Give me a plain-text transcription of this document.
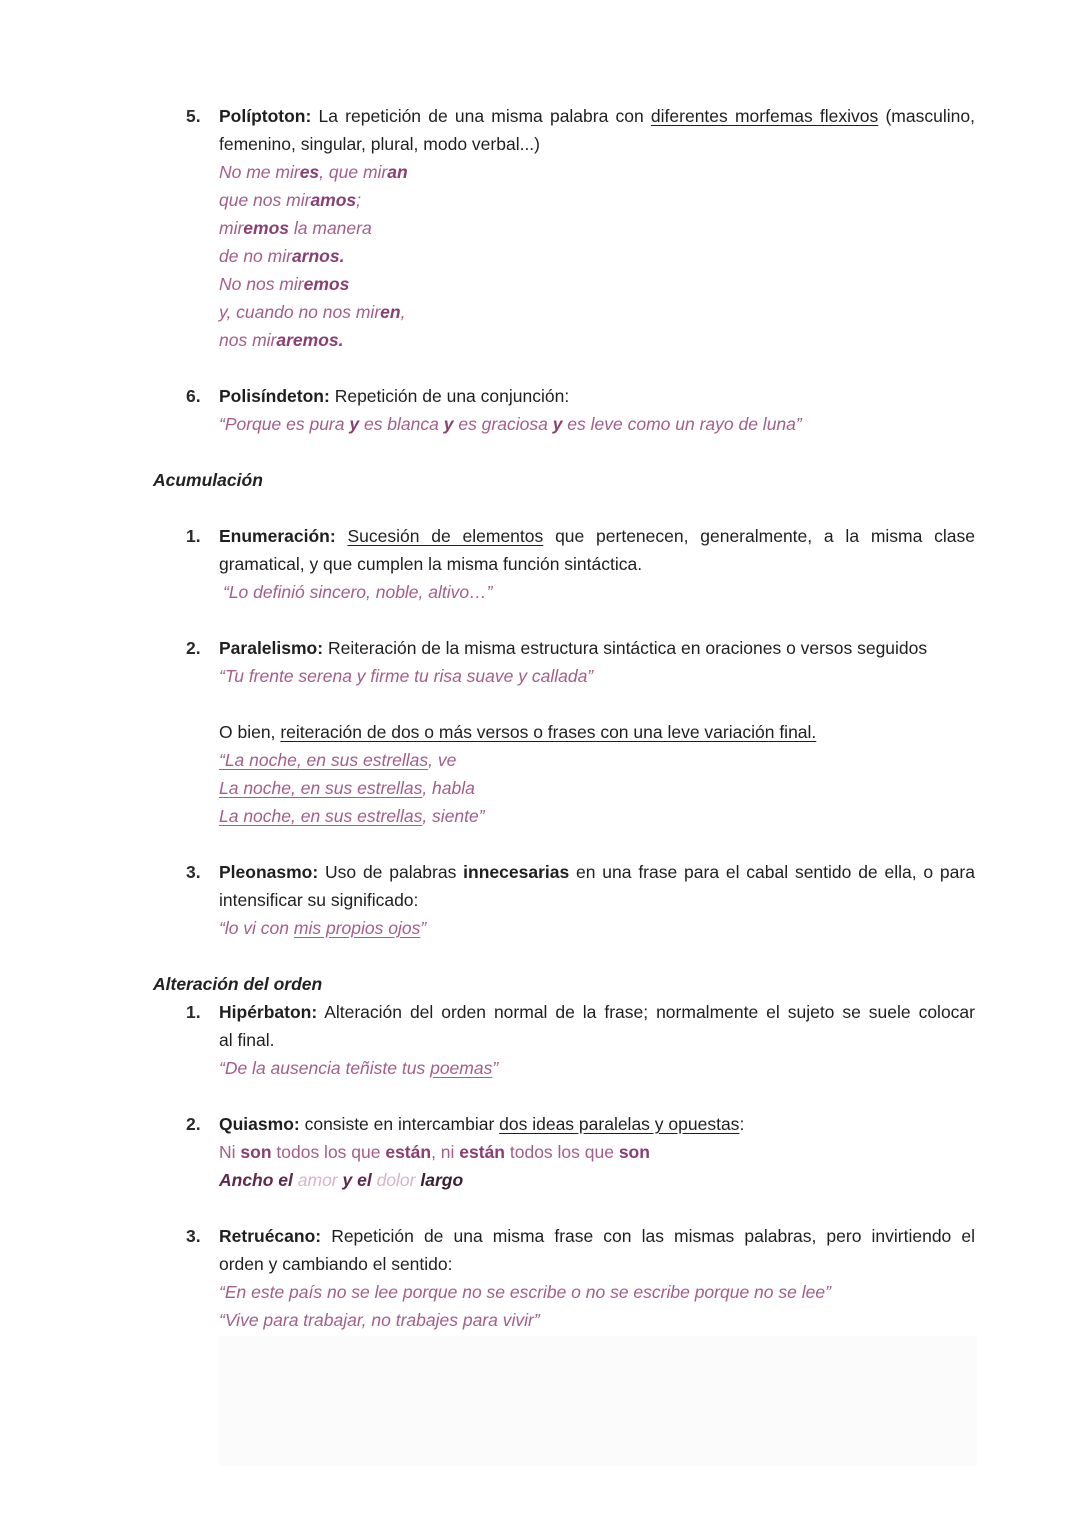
5. Políptoton: La repetición de una misma palabra con diferentes morfemas flexivos (masculino,
femenino, singular, plural, modo verbal...)
No me mires, que miran
que nos miramos;
miremos la manera
de no mirarnos.
No nos miremos
y, cuando no nos miren,
nos miraremos.
6.	Polisíndeton: Repetición de una conjunción:
“Porque es pura y es blanca y es graciosa y es leve como un rayo de luna”
Acumulación
1.	Enumeración: Sucesión de elementos que pertenecen, generalmente, a la misma clase
gramatical, y que cumplen la misma función sintáctica.
“Lo definió sincero, noble, altivo…”
2.	Paralelismo: Reiteración de la misma estructura sintáctica en oraciones o versos seguidos
“Tu frente serena y firme tu risa suave y callada”
O bien, reiteración de dos o más versos o frases con una leve variación final.
“La noche, en sus estrellas, ve
La noche, en sus estrellas, habla
La noche, en sus estrellas, siente”
3.	Pleonasmo: Uso de palabras innecesarias en una frase para el cabal sentido de ella, o para
intensificar su significado:
“lo vi con mis propios ojos”
Alteración del orden
1.	Hipérbaton: Alteración del orden normal de la frase; normalmente el sujeto se suele colocar
al final.
“De la ausencia teñiste tus poemas”
2.	Quiasmo: consiste en intercambiar dos ideas paralelas y opuestas:
Ni son todos los que están, ni están todos los que son
Ancho el amor y el dolor largo
3.	Retruécano: Repetición de una misma frase con las mismas palabras, pero invirtiendo el
orden y cambiando el sentido:
“En este país no se lee porque no se escribe o no se escribe porque no se lee”
“Vive para trabajar, no trabajes para vivir”
